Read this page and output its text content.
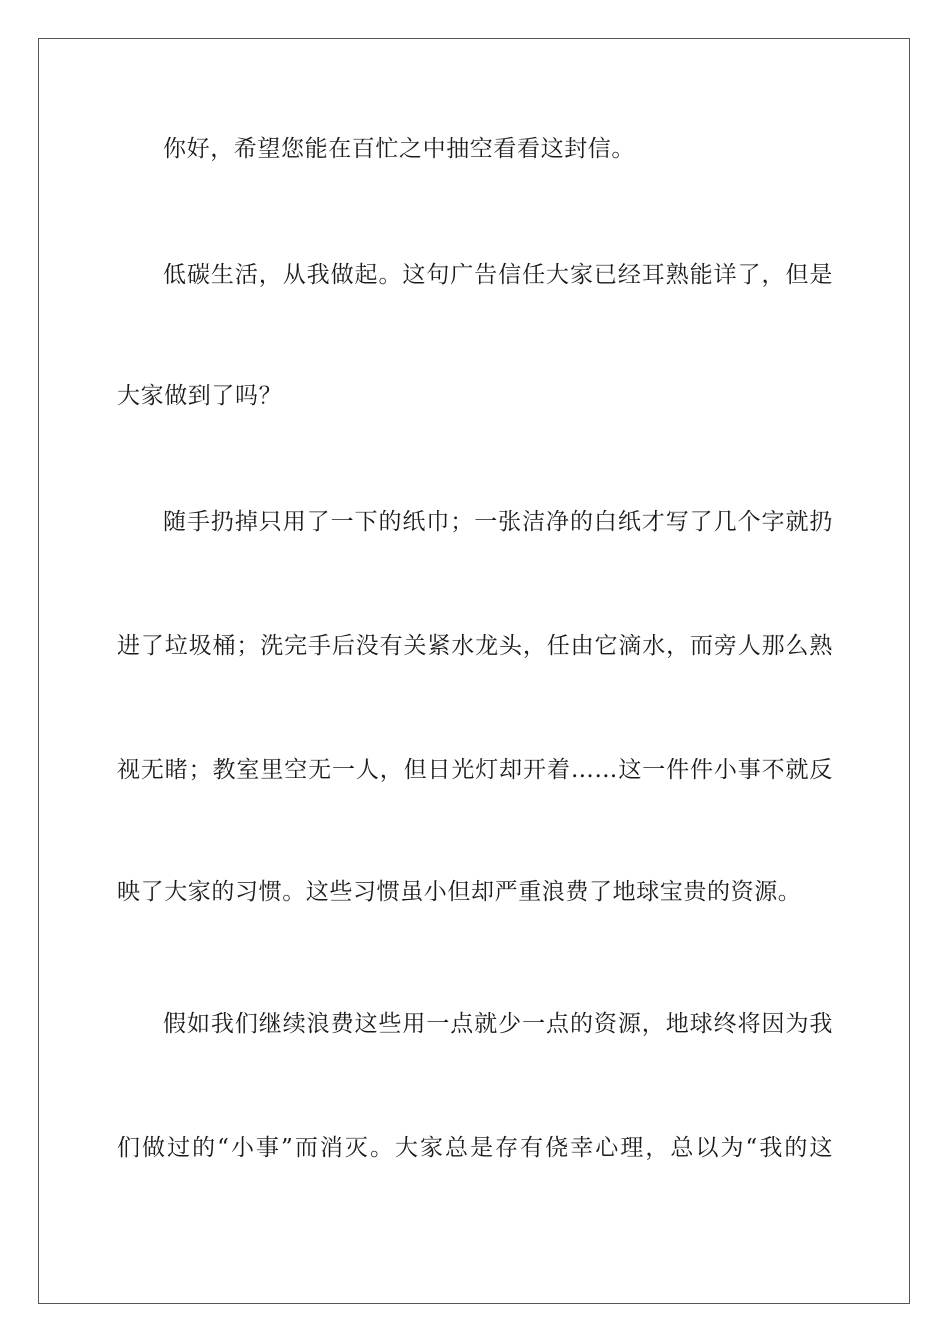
你好，希望您能在百忙之中抽空看看这封信。
低碳生活，从我做起。这句广告信任大家已经耳熟能详了，但是
大家做到了吗？
随手扔掉只用了一下的纸巾；一张洁净的白纸才写了几个字就扔
进了垃圾桶；洗完手后没有关紧水龙头，任由它滴水，而旁人那么熟
视无睹；教室里空无一人，但日光灯却开着……这一件件小事不就反
映了大家的习惯。这些习惯虽小但却严重浪费了地球宝贵的资源。
假如我们继续浪费这些用一点就少一点的资源，地球终将因为我
们做过的“小事”而消灭。大家总是存有侥幸心理，总以为“我的这
